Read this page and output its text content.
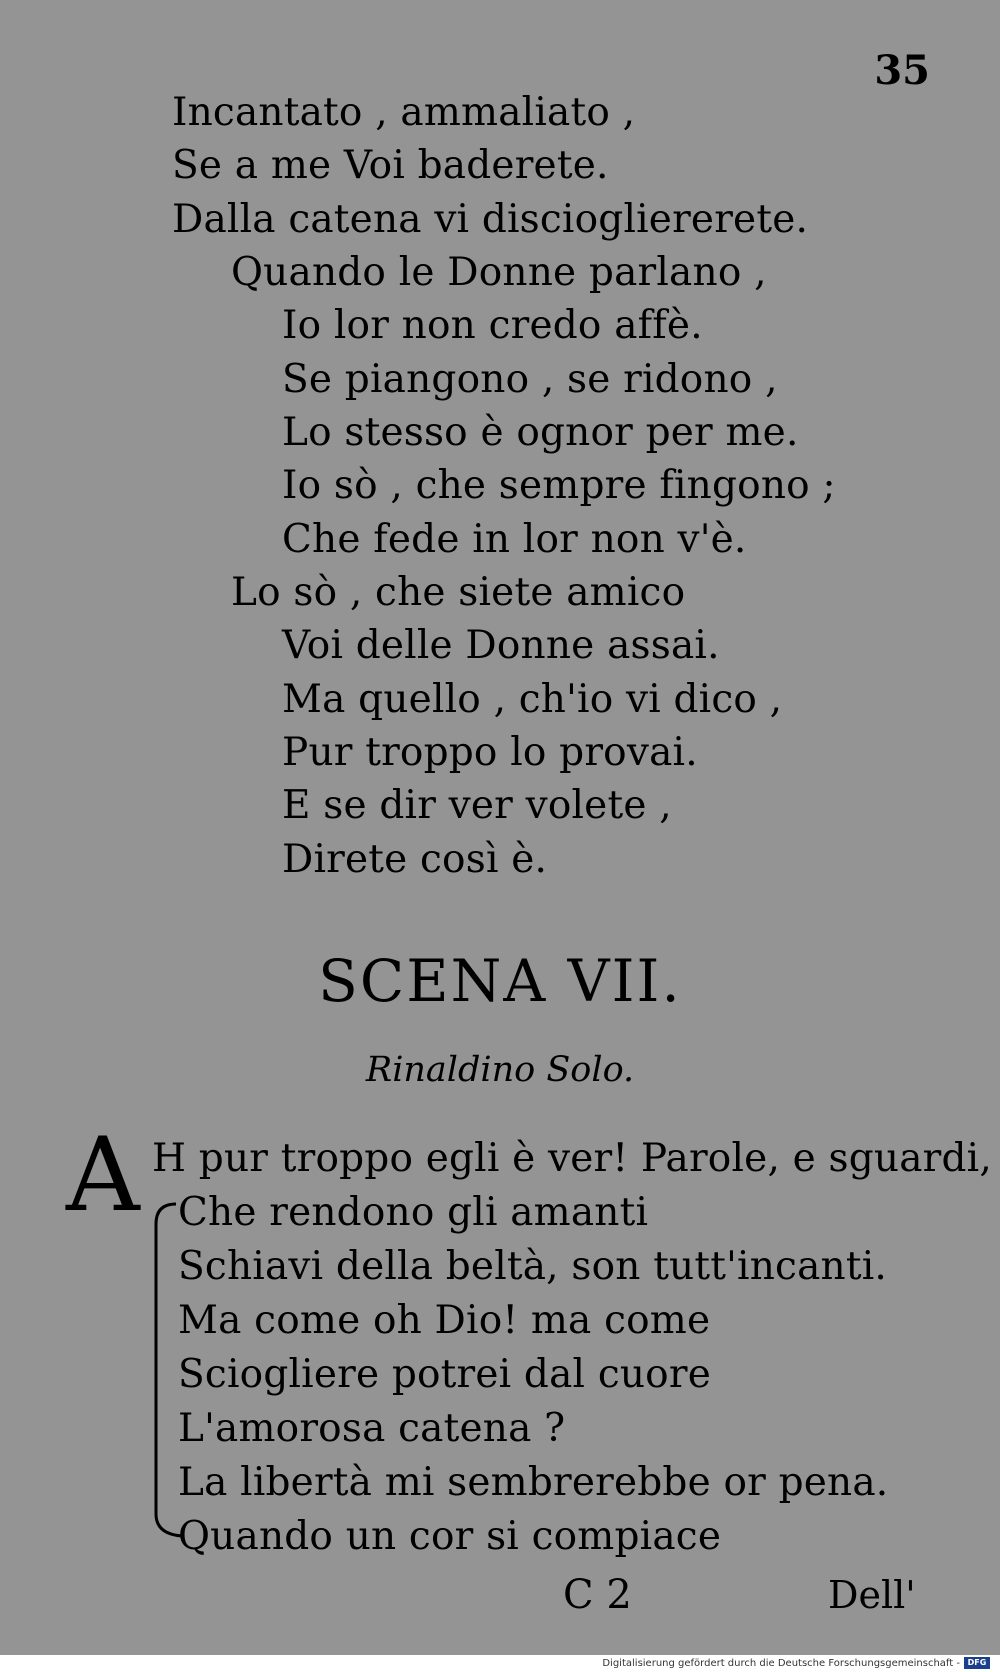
35
Incantato , ammaliato ,
Se a me Voi baderete.
Dalla catena vi disciogliererete.
Quando le Donne parlano ,
Io lor non credo affè.
Se piangono , se ridono ,
Lo stesso è ognor per me.
Io sò , che sempre fingono ;
Che fede in lor non v'è.
Lo sò , che siete amico
Voi delle Donne assai.
Ma quello , ch'io vi dico ,
Pur troppo lo provai.
E se dir ver volete ,
Direte così è.
SCENA VII.
Rinaldino Solo.
A H pur troppo egli è ver! Parole, e sguardi,
Che rendono gli amanti
Schiavi della beltà, son tutt'incanti.
Ma come oh Dio! ma come
Sciogliere potrei dal cuore
L'amorosa catena ?
La libertà mi sembrerebbe or pena.
Quando un cor si compiace
C 2	Dell'
Digitalisierung gefördert durch die Deutsche Forschungsgemeinschaft - DFG
